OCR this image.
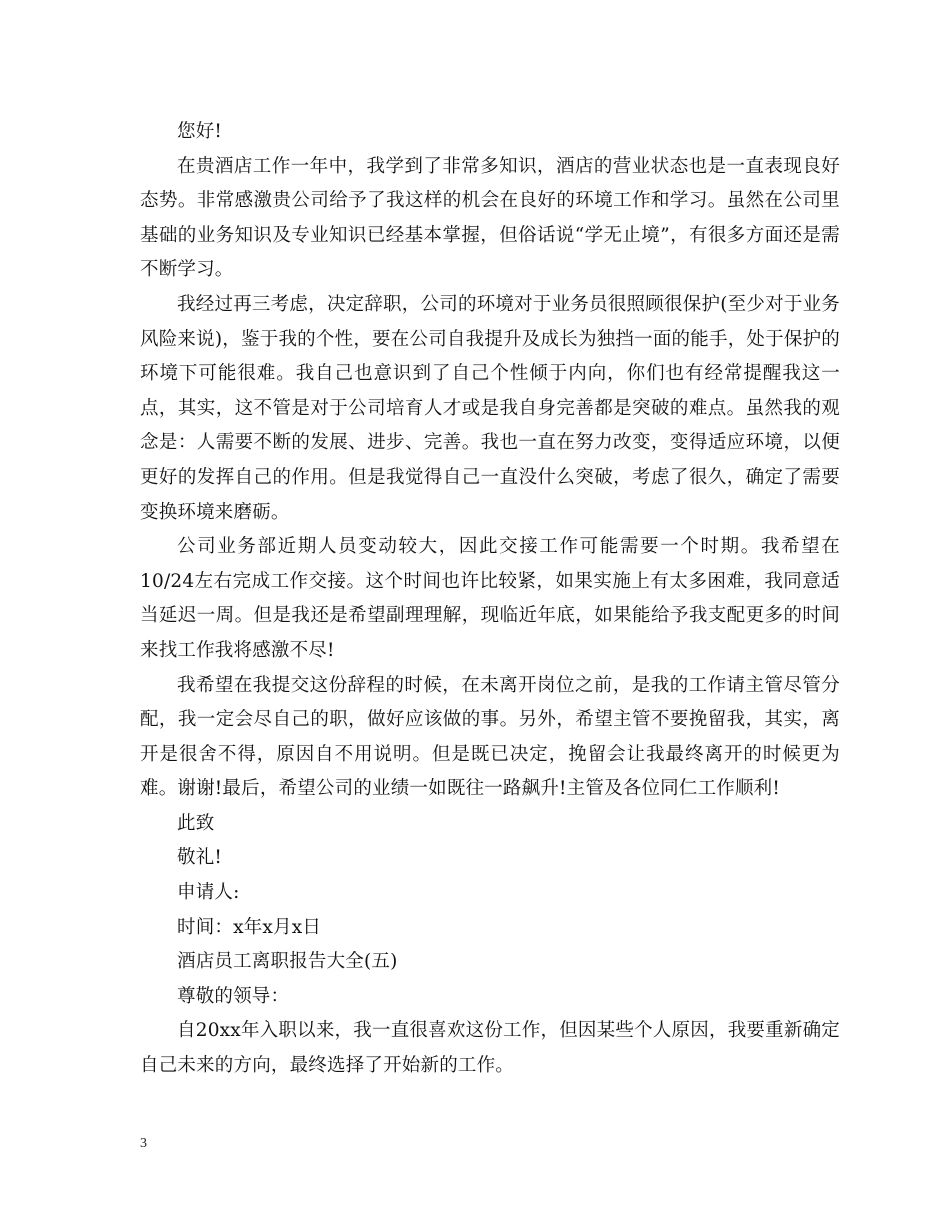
您好!

在贵酒店工作一年中，我学到了非常多知识，酒店的营业状态也是一直表现良好态势。非常感激贵公司给予了我这样的机会在良好的环境工作和学习。虽然在公司里基础的业务知识及专业知识已经基本掌握，但俗话说“学无止境”，有很多方面还是需不断学习。

我经过再三考虑，决定辞职，公司的环境对于业务员很照顾很保护(至少对于业务风险来说)，鉴于我的个性，要在公司自我提升及成长为独挡一面的能手，处于保护的环境下可能很难。我自己也意识到了自己个性倾于内向，你们也有经常提醒我这一点，其实，这不管是对于公司培育人才或是我自身完善都是突破的难点。虽然我的观念是：人需要不断的发展、进步、完善。我也一直在努力改变，变得适应环境，以便更好的发挥自己的作用。但是我觉得自己一直没什么突破，考虑了很久，确定了需要变换环境来磨砺。

公司业务部近期人员变动较大，因此交接工作可能需要一个时期。我希望在10/24左右完成工作交接。这个时间也许比较紧，如果实施上有太多困难，我同意适当延迟一周。但是我还是希望副理理解，现临近年底，如果能给予我支配更多的时间来找工作我将感激不尽!

我希望在我提交这份辞程的时候，在未离开岗位之前，是我的工作请主管尽管分配，我一定会尽自己的职，做好应该做的事。另外，希望主管不要挽留我，其实，离开是很舍不得，原因自不用说明。但是既已决定，挽留会让我最终离开的时候更为难。谢谢!最后，希望公司的业绩一如既往一路飙升!主管及各位同仁工作顺利!

此致

敬礼!

申请人:

时间：x年x月x日

酒店员工离职报告大全(五)

尊敬的领导：

自20xx年入职以来，我一直很喜欢这份工作，但因某些个人原因，我要重新确定自己未来的方向，最终选择了开始新的工作。

3
